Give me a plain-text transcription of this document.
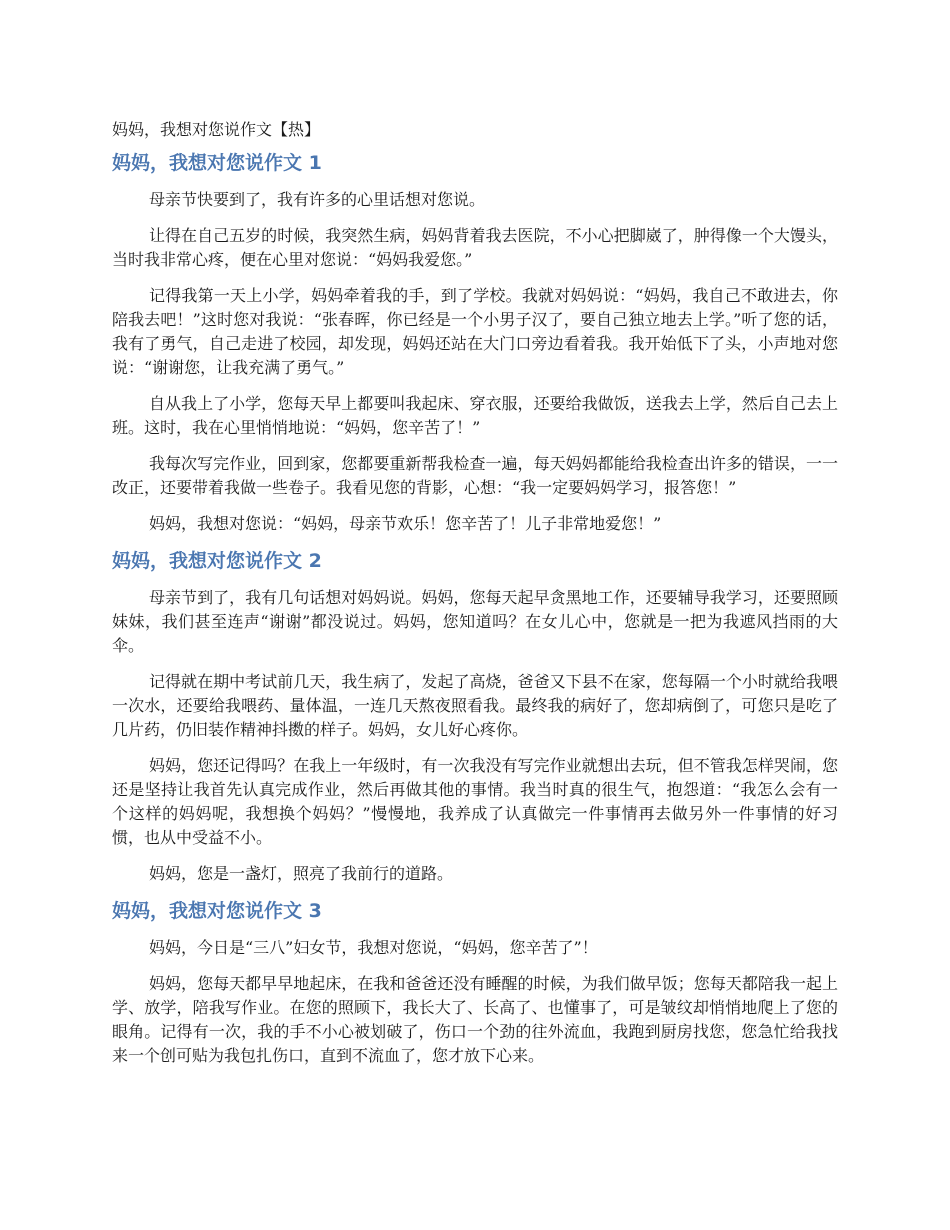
妈妈，我想对您说作文【热】
妈妈，我想对您说作文 1

母亲节快要到了，我有许多的心里话想对您说。

让得在自己五岁的时候，我突然生病，妈妈背着我去医院，不小心把脚崴了，肿得像一个大馒头，当时我非常心疼，便在心里对您说：“妈妈我爱您。”

记得我第一天上小学，妈妈牵着我的手，到了学校。我就对妈妈说：“妈妈，我自己不敢进去，你陪我去吧！”这时您对我说：“张春晖，你已经是一个小男子汉了，要自己独立地去上学。”听了您的话，我有了勇气，自己走进了校园，却发现，妈妈还站在大门口旁边看着我。我开始低下了头，小声地对您说：“谢谢您，让我充满了勇气。”

自从我上了小学，您每天早上都要叫我起床、穿衣服，还要给我做饭，送我去上学，然后自己去上班。这时，我在心里悄悄地说：“妈妈，您辛苦了！”

我每次写完作业，回到家，您都要重新帮我检查一遍，每天妈妈都能给我检查出许多的错误，一一改正，还要带着我做一些卷子。我看见您的背影，心想：“我一定要妈妈学习，报答您！”

妈妈，我想对您说：“妈妈，母亲节欢乐！您辛苦了！儿子非常地爱您！”

妈妈，我想对您说作文 2

母亲节到了，我有几句话想对妈妈说。妈妈，您每天起早贪黑地工作，还要辅导我学习，还要照顾妹妹，我们甚至连声“谢谢”都没说过。妈妈，您知道吗？在女儿心中，您就是一把为我遮风挡雨的大伞。

记得就在期中考试前几天，我生病了，发起了高烧，爸爸又下县不在家，您每隔一个小时就给我喂一次水，还要给我喂药、量体温，一连几天熬夜照看我。最终我的病好了，您却病倒了，可您只是吃了几片药，仍旧装作精神抖擞的样子。妈妈，女儿好心疼你。

妈妈，您还记得吗？在我上一年级时，有一次我没有写完作业就想出去玩，但不管我怎样哭闹，您还是坚持让我首先认真完成作业，然后再做其他的事情。我当时真的很生气，抱怨道：“我怎么会有一个这样的妈妈呢，我想换个妈妈？”慢慢地，我养成了认真做完一件事情再去做另外一件事情的好习惯，也从中受益不小。

妈妈，您是一盏灯，照亮了我前行的道路。

妈妈，我想对您说作文 3

妈妈，今日是“三八”妇女节，我想对您说，“妈妈，您辛苦了”！

妈妈，您每天都早早地起床，在我和爸爸还没有睡醒的时候，为我们做早饭；您每天都陪我一起上学、放学，陪我写作业。在您的照顾下，我长大了、长高了、也懂事了，可是皱纹却悄悄地爬上了您的眼角。记得有一次，我的手不小心被划破了，伤口一个劲的往外流血，我跑到厨房找您，您急忙给我找来一个创可贴为我包扎伤口，直到不流血了，您才放下心来。
